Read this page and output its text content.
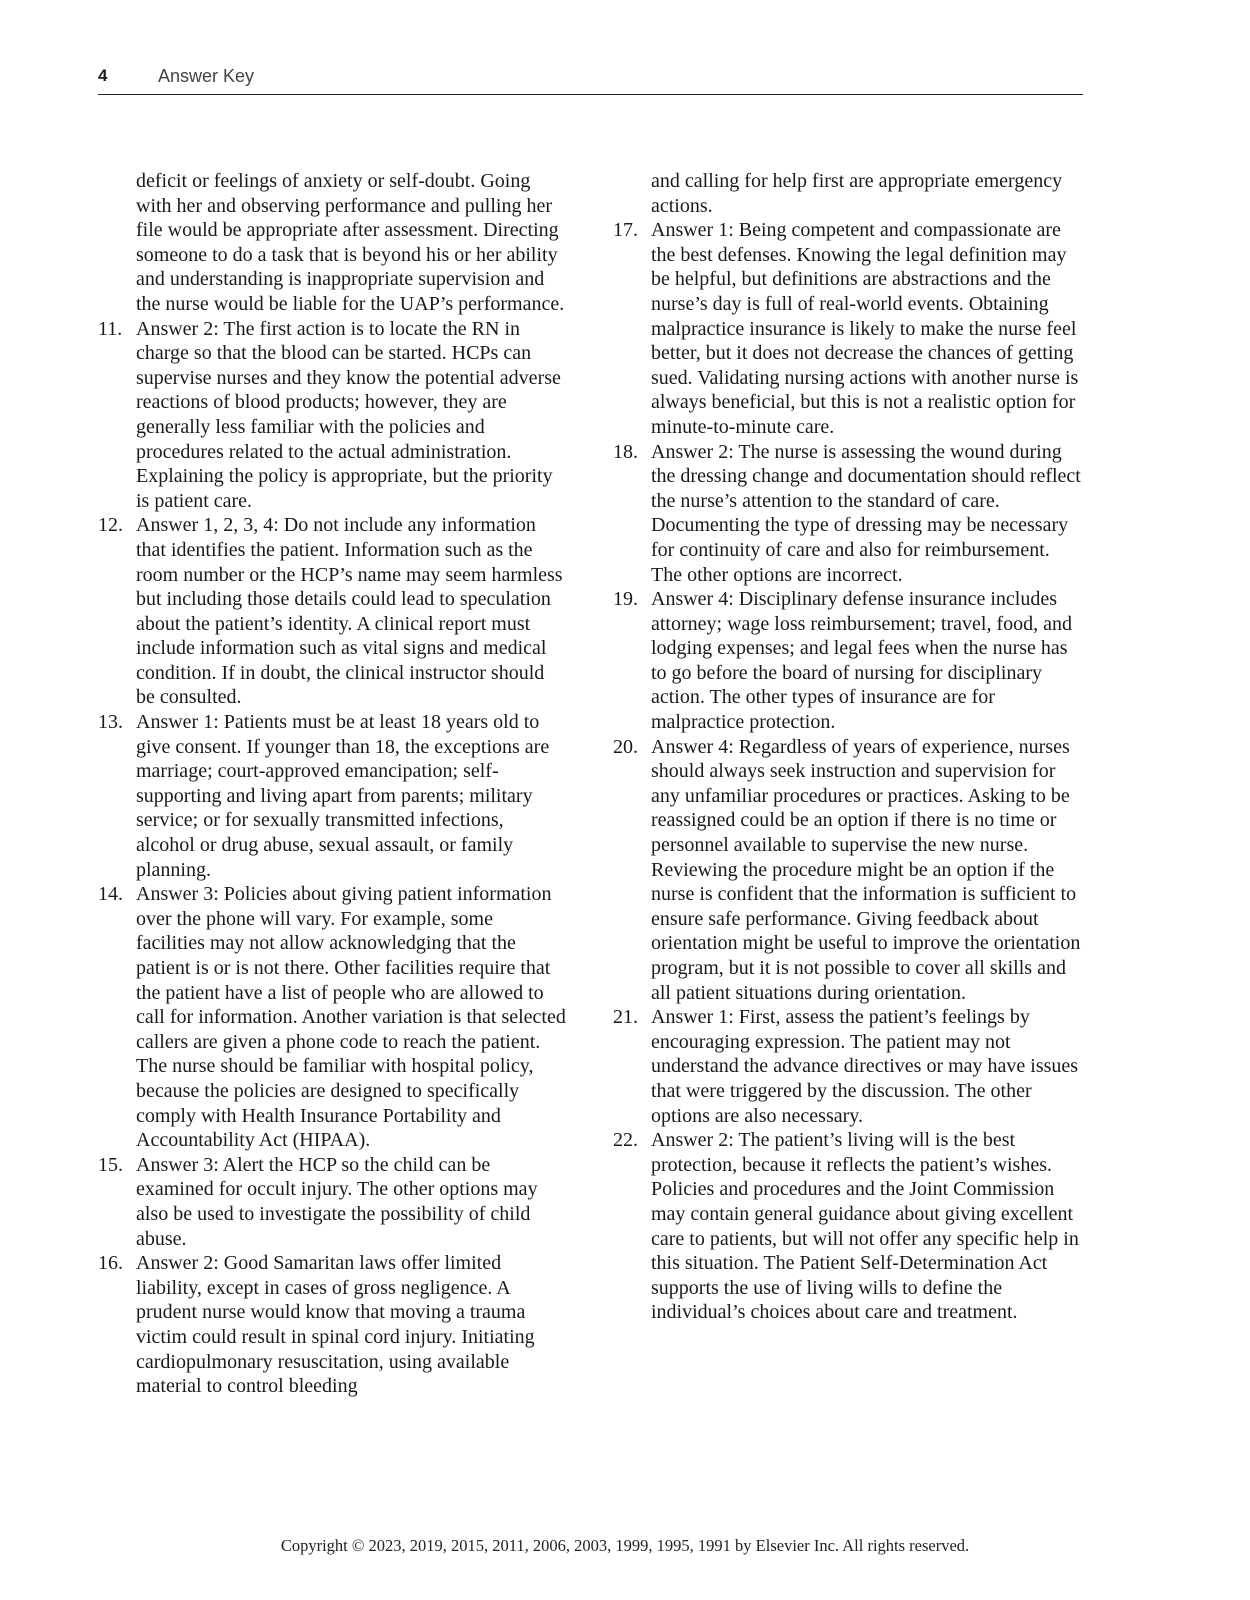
4	Answer Key
deficit or feelings of anxiety or self-doubt. Going with her and observing performance and pulling her file would be appropriate after assessment. Directing someone to do a task that is beyond his or her ability and understanding is inappropriate supervision and the nurse would be liable for the UAP’s performance.
11. Answer 2: The first action is to locate the RN in charge so that the blood can be started. HCPs can supervise nurses and they know the potential adverse reactions of blood products; however, they are generally less familiar with the policies and procedures related to the actual administration. Explaining the policy is appropriate, but the priority is patient care.
12. Answer 1, 2, 3, 4: Do not include any information that identifies the patient. Information such as the room number or the HCP’s name may seem harmless but including those details could lead to speculation about the patient’s identity. A clinical report must include information such as vital signs and medical condition. If in doubt, the clinical instructor should be consulted.
13. Answer 1: Patients must be at least 18 years old to give consent. If younger than 18, the exceptions are marriage; court-approved emancipation; self-supporting and living apart from parents; military service; or for sexually transmitted infections, alcohol or drug abuse, sexual assault, or family planning.
14. Answer 3: Policies about giving patient information over the phone will vary. For example, some facilities may not allow acknowledging that the patient is or is not there. Other facilities require that the patient have a list of people who are allowed to call for information. Another variation is that selected callers are given a phone code to reach the patient. The nurse should be familiar with hospital policy, because the policies are designed to specifically comply with Health Insurance Portability and Accountability Act (HIPAA).
15. Answer 3: Alert the HCP so the child can be examined for occult injury. The other options may also be used to investigate the possibility of child abuse.
16. Answer 2: Good Samaritan laws offer limited liability, except in cases of gross negligence. A prudent nurse would know that moving a trauma victim could result in spinal cord injury. Initiating cardiopulmonary resuscitation, using available material to control bleeding
and calling for help first are appropriate emergency actions.
17. Answer 1: Being competent and compassionate are the best defenses. Knowing the legal definition may be helpful, but definitions are abstractions and the nurse’s day is full of real-world events. Obtaining malpractice insurance is likely to make the nurse feel better, but it does not decrease the chances of getting sued. Validating nursing actions with another nurse is always beneficial, but this is not a realistic option for minute-to-minute care.
18. Answer 2: The nurse is assessing the wound during the dressing change and documentation should reflect the nurse’s attention to the standard of care. Documenting the type of dressing may be necessary for continuity of care and also for reimbursement. The other options are incorrect.
19. Answer 4: Disciplinary defense insurance includes attorney; wage loss reimbursement; travel, food, and lodging expenses; and legal fees when the nurse has to go before the board of nursing for disciplinary action. The other types of insurance are for malpractice protection.
20. Answer 4: Regardless of years of experience, nurses should always seek instruction and supervision for any unfamiliar procedures or practices. Asking to be reassigned could be an option if there is no time or personnel available to supervise the new nurse. Reviewing the procedure might be an option if the nurse is confident that the information is sufficient to ensure safe performance. Giving feedback about orientation might be useful to improve the orientation program, but it is not possible to cover all skills and all patient situations during orientation.
21. Answer 1: First, assess the patient’s feelings by encouraging expression. The patient may not understand the advance directives or may have issues that were triggered by the discussion. The other options are also necessary.
22. Answer 2: The patient’s living will is the best protection, because it reflects the patient’s wishes. Policies and procedures and the Joint Commission may contain general guidance about giving excellent care to patients, but will not offer any specific help in this situation. The Patient Self-Determination Act supports the use of living wills to define the individual’s choices about care and treatment.
Copyright © 2023, 2019, 2015, 2011, 2006, 2003, 1999, 1995, 1991 by Elsevier Inc. All rights reserved.
